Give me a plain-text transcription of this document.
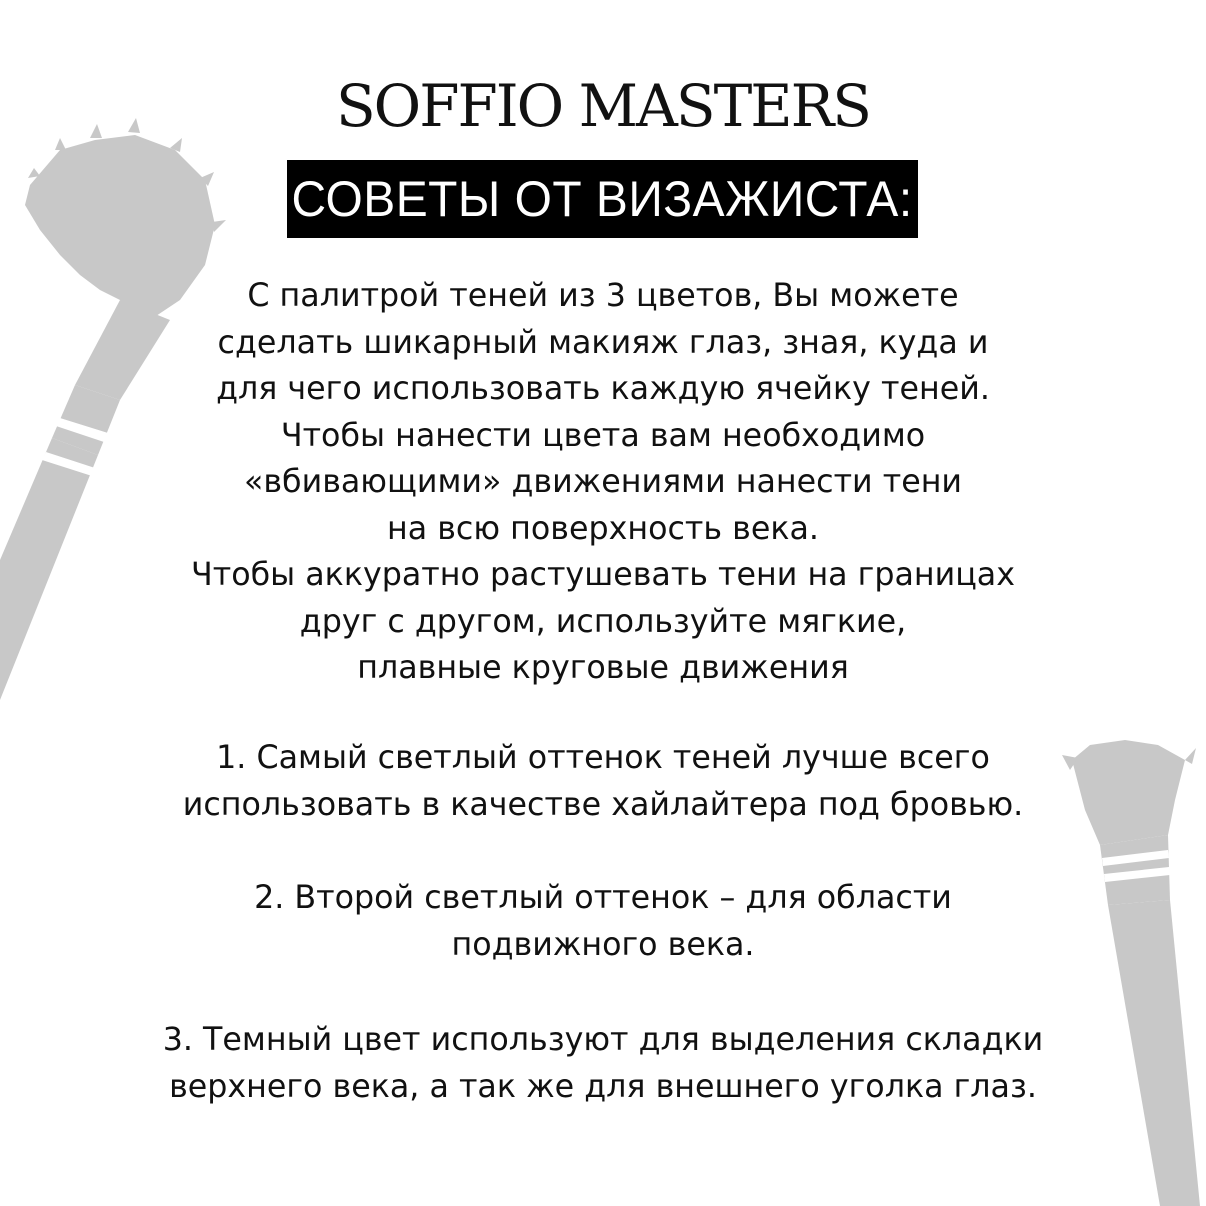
SOFFIO MASTERS
СОВЕТЫ ОТ ВИЗАЖИСТА:
С палитрой теней из 3 цветов, Вы можете
сделать шикарный макияж глаз, зная, куда и
для чего использовать каждую ячейку теней.
Чтобы нанести цвета вам необходимо
«вбивающими» движениями нанести тени
на всю поверхность века.
Чтобы аккуратно растушевать тени на границах
друг с другом, используйте мягкие,
плавные круговые движения
1. Самый светлый оттенок теней лучше всего
использовать в качестве хайлайтера под бровью.
2. Второй светлый оттенок – для области
подвижного века.
3. Темный цвет используют для выделения складки
верхнего века, а так же для внешнего уголка глаз.
